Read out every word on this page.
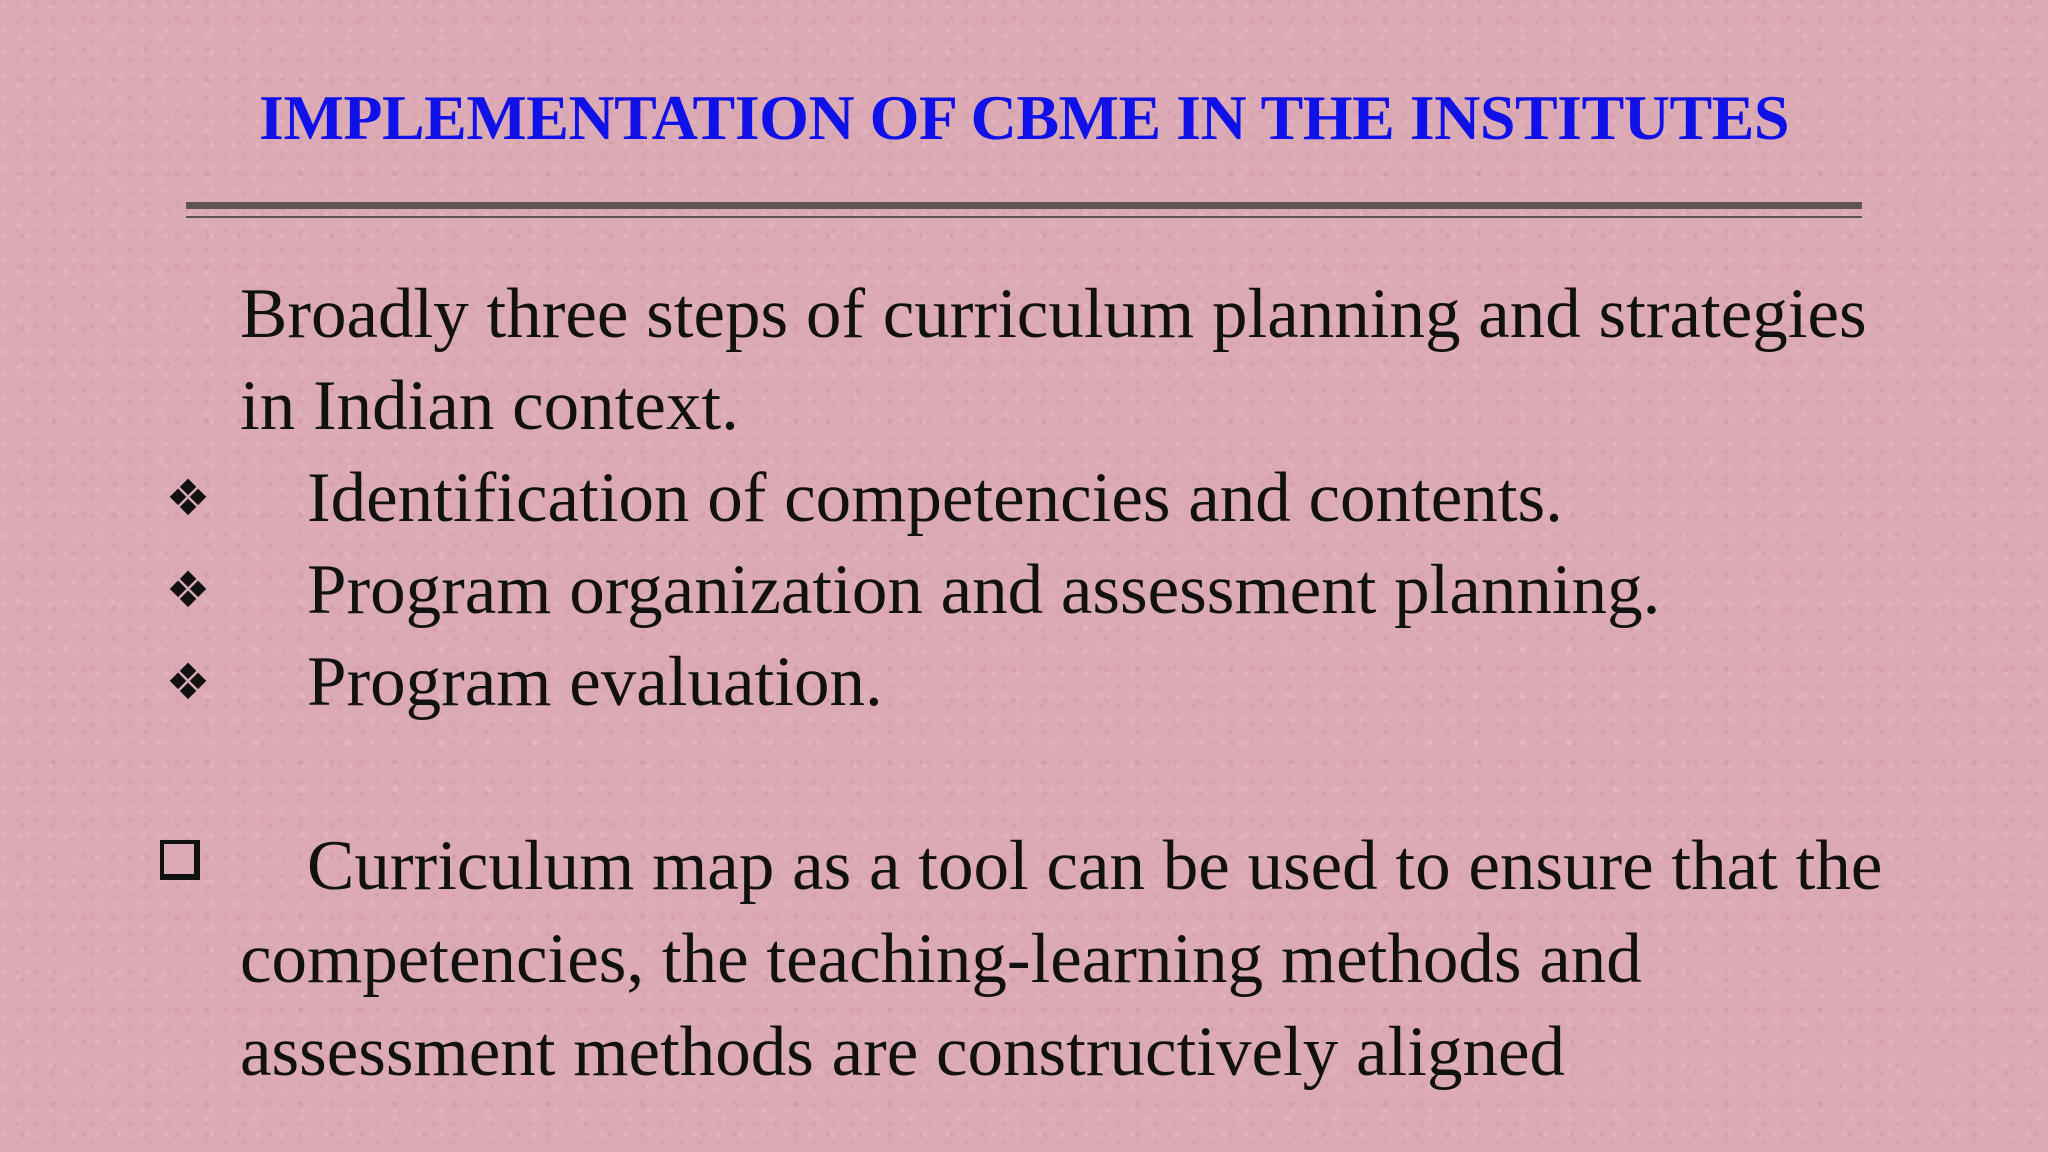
IMPLEMENTATION OF CBME IN THE INSTITUTES

Broadly three steps of curriculum planning and strategies in Indian context.

❖ Identification of competencies and contents.
❖ Program organization and assessment planning.
❖ Program evaluation.

Curriculum map as a tool can be used to ensure that the competencies, the teaching-learning methods and assessment methods are constructively aligned
